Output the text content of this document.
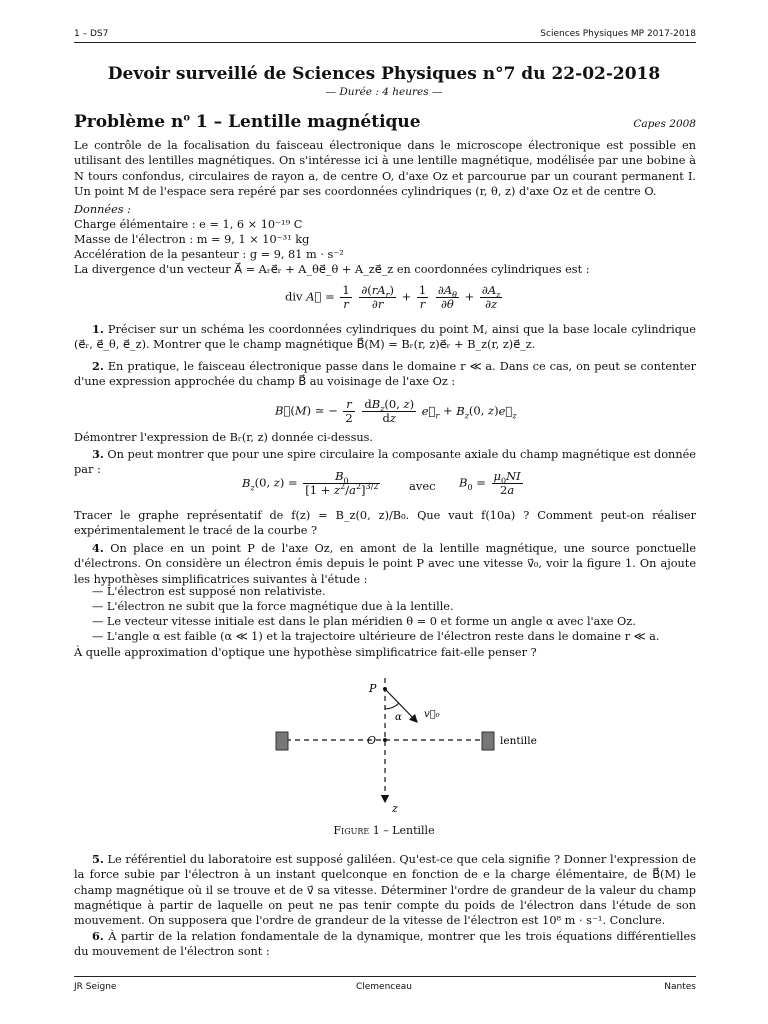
1 – DS7	Sciences Physiques MP 2017-2018
Devoir surveillé de Sciences Physiques n°7 du 22-02-2018
— Durée : 4 heures —
Problème $n^o$ 1 – Lentille magnétique	Capes 2008
Le contrôle de la focalisation du faisceau électronique dans le microscope électronique est possible en utilisant des lentilles magnétiques. On s'intéresse ici à une lentille magnétique, modélisée par une bobine à N tours confondus, circulaires de rayon a, de centre O, d'axe Oz et parcourue par un courant permanent I. Un point M de l'espace sera repéré par ses coordonnées cylindriques (r, θ, z) d'axe Oz et de centre O.
Données :
Charge élémentaire : e = 1, 6 × 10⁻¹⁹ C
Masse de l'électron : m = 9, 1 × 10⁻³¹ kg
Accélération de la pesanteur : g = 9, 81 m · s⁻²
La divergence d'un vecteur A⃗ = Aᵣe⃗ᵣ + A_θe⃗_θ + A_ze⃗_z en coordonnées cylindriques est :
div A⃗ = $\frac{1}{r}$
$\frac{\partial(rA_r)}{\partial r} + \frac{1}{r}$
$\frac{\partial A_\theta}{\partial\theta} + \frac{\partial A_z}{\partial z}$
1. Préciser sur un schéma les coordonnées cylindriques du point M, ainsi que la base locale cylindrique (e⃗ᵣ, e⃗_θ, e⃗_z). Montrer que le champ magnétique B⃗(M) = Bᵣ(r, z)e⃗ᵣ + B_z(r, z)e⃗_z.
2. En pratique, le faisceau électronique passe dans le domaine r ≪ a. Dans ce cas, on peut se contenter d'une expression approchée du champ B⃗ au voisinage de l'axe Oz :
B⃗(M) ≃ − $\frac{r}{2}$
$\frac{dB_z(0, z)}{dz}$ $e⃗_r + B_z(0$, $z)e⃗_z$
Démontrer l'expression de Bᵣ(r, z) donnée ci-dessus.
3. On peut montrer que pour une spire circulaire la composante axiale du champ magnétique est donnée par :
$B_z(0$, $z) = \frac{B_0}{[1 + z^2/a^2]^{3/2}}$ avec $B_0 = \frac{\mu_0NI}{2a}$
Tracer le graphe représentatif de f(z) = B_z(0, z)/B₀. Que vaut f(10a) ? Comment peut-on réaliser expérimentalement le tracé de la courbe ?
4. On place en un point P de l'axe Oz, en amont de la lentille magnétique, une source ponctuelle d'électrons. On considère un électron émis depuis le point P avec une vitesse v⃗₀, voir la figure 1. On ajoute les hypothèses simplificatrices suivantes à l'étude :
— L'électron est supposé non relativiste.
— L'électron ne subit que la force magnétique due à la lentille.
— Le vecteur vitesse initiale est dans le plan méridien θ = 0 et forme un angle α avec l'axe Oz.
— L'angle α est faible (α ≪ 1) et la trajectoire ultérieure de l'électron reste dans le domaine r ≪ a.
À quelle approximation d'optique une hypothèse simplificatrice fait-elle penser ?
P
O
z
α v⃗₀
lentille
Figure 1 – Lentille
5. Le référentiel du laboratoire est supposé galiléen. Qu'est-ce que cela signifie ? Donner l'expression de la force subie par l'électron à un instant quelconque en fonction de e la charge élémentaire, de B⃗(M) le champ magnétique où il se trouve et de v⃗ sa vitesse. Déterminer l'ordre de grandeur de la valeur du champ magnétique à partir de laquelle on peut ne pas tenir compte du poids de l'électron dans l'étude de son mouvement. On supposera que l'ordre de grandeur de la vitesse de l'électron est 10⁸ m · s⁻¹. Conclure.
6. À partir de la relation fondamentale de la dynamique, montrer que les trois équations différentielles du mouvement de l'électron sont :
JR Seigne	Clemenceau	Nantes
